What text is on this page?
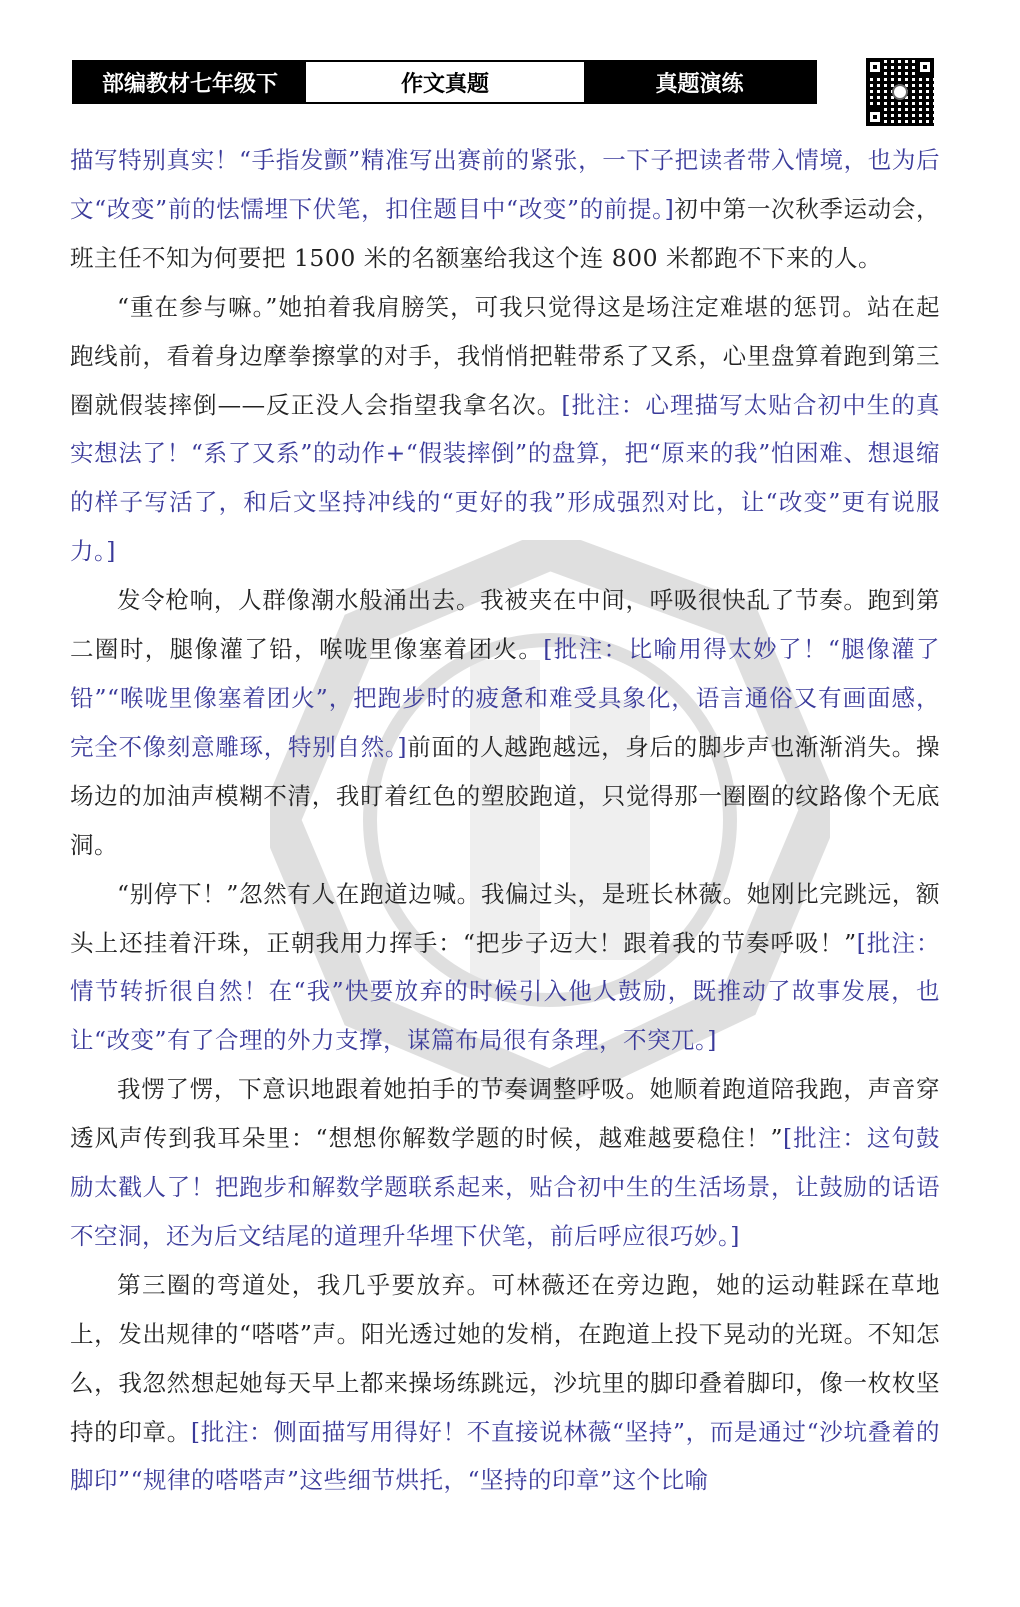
部编教材七年级下	作文真题	真题演练

描写特别真实！“手指发颤”精准写出赛前的紧张，一下子把读者带入情境，也为后文“改变”前的怯懦埋下伏笔，扣住题目中“改变”的前提。]初中第一次秋季运动会，班主任不知为何要把 1500 米的名额塞给我这个连 800 米都跑不下来的人。

“重在参与嘛。”她拍着我肩膀笑，可我只觉得这是场注定难堪的惩罚。站在起跑线前，看着身边摩拳擦掌的对手，我悄悄把鞋带系了又系，心里盘算着跑到第三圈就假装摔倒——反正没人会指望我拿名次。[批注：心理描写太贴合初中生的真实想法了！“系了又系”的动作+“假装摔倒”的盘算，把“原来的我”怕困难、想退缩的样子写活了，和后文坚持冲线的“更好的我”形成强烈对比，让“改变”更有说服力。]

发令枪响，人群像潮水般涌出去。我被夹在中间，呼吸很快乱了节奏。跑到第二圈时，腿像灌了铅，喉咙里像塞着团火。[批注：比喻用得太妙了！“腿像灌了铅”“喉咙里像塞着团火”，把跑步时的疲惫和难受具象化，语言通俗又有画面感，完全不像刻意雕琢，特别自然。]前面的人越跑越远，身后的脚步声也渐渐消失。操场边的加油声模糊不清，我盯着红色的塑胶跑道，只觉得那一圈圈的纹路像个无底洞。

“别停下！”忽然有人在跑道边喊。我偏过头，是班长林薇。她刚比完跳远，额头上还挂着汗珠，正朝我用力挥手：“把步子迈大！跟着我的节奏呼吸！”[批注：情节转折很自然！在“我”快要放弃的时候引入他人鼓励，既推动了故事发展，也让“改变”有了合理的外力支撑，谋篇布局很有条理，不突兀。]

我愣了愣，下意识地跟着她拍手的节奏调整呼吸。她顺着跑道陪我跑，声音穿透风声传到我耳朵里：“想想你解数学题的时候，越难越要稳住！”[批注：这句鼓励太戳人了！把跑步和解数学题联系起来，贴合初中生的生活场景，让鼓励的话语不空洞，还为后文结尾的道理升华埋下伏笔，前后呼应很巧妙。]

第三圈的弯道处，我几乎要放弃。可林薇还在旁边跑，她的运动鞋踩在草地上，发出规律的“嗒嗒”声。阳光透过她的发梢，在跑道上投下晃动的光斑。不知怎么，我忽然想起她每天早上都来操场练跳远，沙坑里的脚印叠着脚印，像一枚枚坚持的印章。[批注：侧面描写用得好！不直接说林薇“坚持”，而是通过“沙坑叠着的脚印”“规律的嗒嗒声”这些细节烘托，“坚持的印章”这个比喻
